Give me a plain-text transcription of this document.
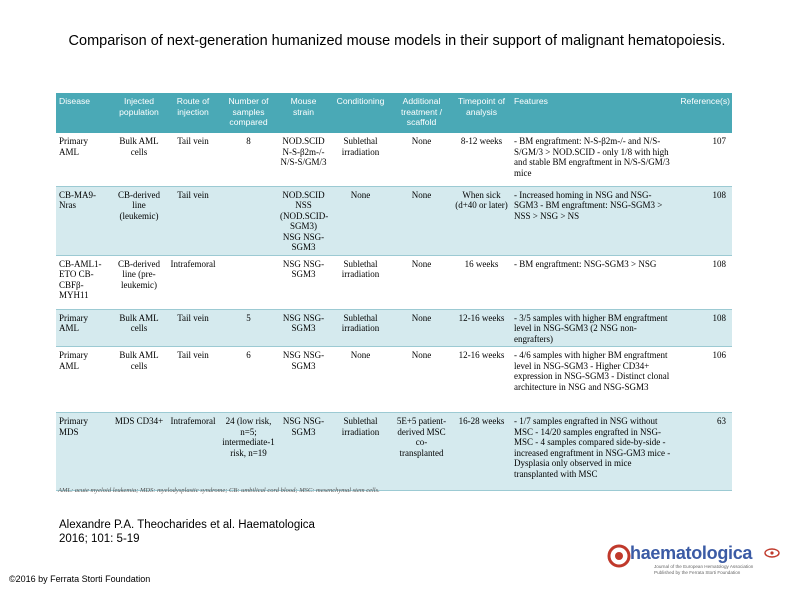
Comparison of next-generation humanized mouse models in their support of malignant hematopoiesis.
Disease	Injected population	Route of injection	Number of samples compared	Mouse strain	Conditioning	Additional treatment / scaffold	Timepoint of analysis	Features	Reference(s)
Primary AML	Bulk AML cells	Tail vein	8	NOD.SCID N-S-β2m-/- N/S-S/GM/3	Sublethal irradiation	None	8-12 weeks	- BM engraftment: N-S-β2m-/- and N/S-S/GM/3 > NOD.SCID - only 1/8 with high and stable BM engraftment in N/S-S/GM/3 mice	107
CB-MA9-Nras	CB-derived line (leukemic)	Tail vein		NOD.SCID NSS (NOD.SCID-SGM3) NSG NSG-SGM3	None	None	When sick (d+40 or later)	- Increased homing in NSG and NSG-SGM3 - BM engraftment: NSG-SGM3 > NSS > NSG > NS	108
CB-AML1-ETO CB-CBFβ-MYH11	CB-derived line (pre-leukemic)	Intrafemoral		NSG NSG-SGM3	Sublethal irradiation	None	16 weeks	- BM engraftment: NSG-SGM3 > NSG	108
Primary AML	Bulk AML cells	Tail vein	5	NSG NSG-SGM3	Sublethal irradiation	None	12-16 weeks	- 3/5 samples with higher BM engraftment level in NSG-SGM3 (2 NSG non-engrafters)	108
Primary AML	Bulk AML cells	Tail vein	6	NSG NSG-SGM3	None	None	12-16 weeks	- 4/6 samples with higher BM engraftment level in NSG-SGM3 - Higher CD34+ expression in NSG-SGM3 - Distinct clonal architecture in NSG and NSG-SGM3	106
Primary MDS	MDS CD34+	Intrafemoral	24 (low risk, n=5; intermediate-1 risk, n=19	NSG NSG-SGM3	Sublethal irradiation	5E+5 patient-derived MSC co-transplanted	16-28 weeks	- 1/7 samples engrafted in NSG without MSC - 14/20 samples engrafted in NSG-MSC - 4 samples compared side-by-side - increased engraftment in NSG-GM3 mice - Dysplasia only observed in mice transplanted with MSC	63
AML: acute myeloid leukemia; MDS: myelodysplastic syndrome; CB: umbilical cord blood; MSC: mesenchymal stem cells.
Alexandre P.A. Theocharides et al. Haematologica
2016; 101: 5-19
©2016 by Ferrata Storti Foundation
haematologica
Journal of the European Hematology Association
Published by the Ferrata Storti Foundation
